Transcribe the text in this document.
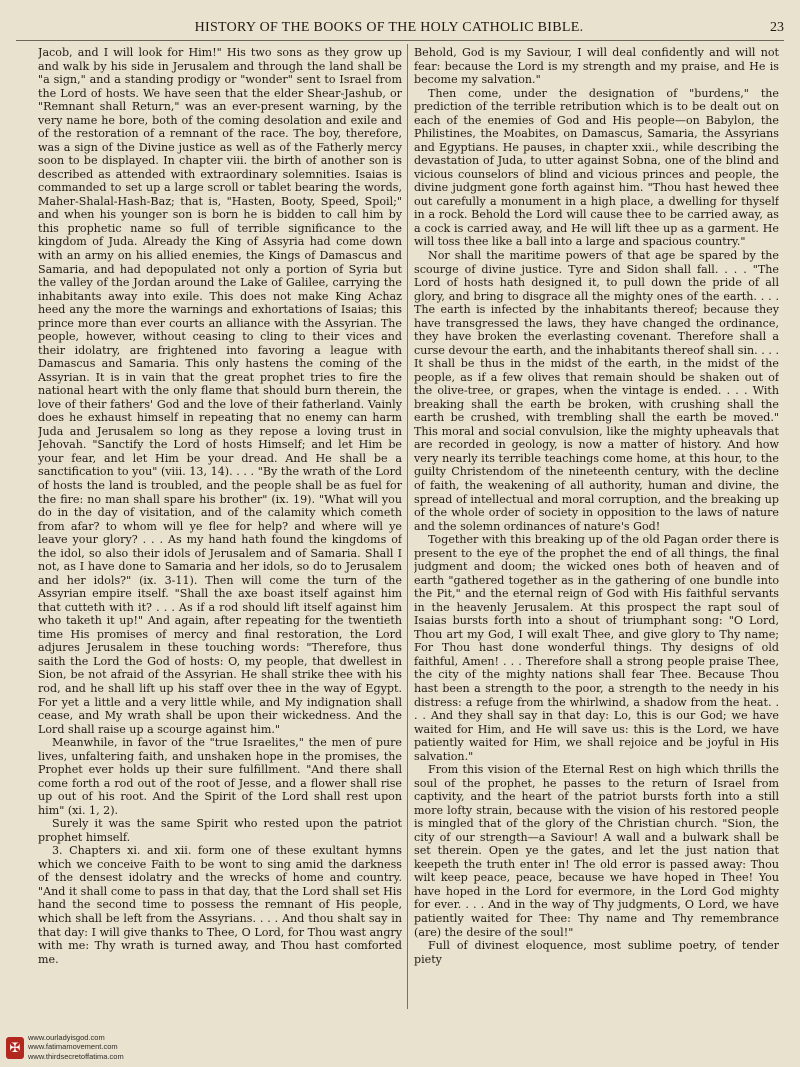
HISTORY OF THE BOOKS OF THE HOLY CATHOLIC BIBLE.	23

Jacob, and I will look for Him!" His two sons as they grow up and walk by his side in Jerusalem and through the land shall be "a sign," and a standing prodigy or "wonder" sent to Israel from the Lord of hosts. We have seen that the elder Shear-Jashub, or "Remnant shall Return," was an ever-present warning, by the very name he bore, both of the coming desolation and exile and of the restoration of a remnant of the race. The boy, therefore, was a sign of the Divine justice as well as of the Fatherly mercy soon to be displayed. In chapter viii. the birth of another son is described as attended with extraordinary solemnities. Isaias is commanded to set up a large scroll or tablet bearing the words, Maher-Shalal-Hash-Baz; that is, "Hasten, Booty, Speed, Spoil;" and when his younger son is born he is bidden to call him by this prophetic name so full of terrible significance to the kingdom of Juda. Already the King of Assyria had come down with an army on his allied enemies, the Kings of Damascus and Samaria, and had depopulated not only a portion of Syria but the valley of the Jordan around the Lake of Galilee, carrying the inhabitants away into exile. This does not make King Achaz heed any the more the warnings and exhortations of Isaias; this prince more than ever courts an alliance with the Assyrian. The people, however, without ceasing to cling to their vices and their idolatry, are frightened into favoring a league with Damascus and Samaria. This only hastens the coming of the Assyrian. It is in vain that the great prophet tries to fire the national heart with the only flame that should burn therein, the love of their fathers' God and the love of their fatherland. Vainly does he exhaust himself in repeating that no enemy can harm Juda and Jerusalem so long as they repose a loving trust in Jehovah. "Sanctify the Lord of hosts Himself; and let Him be your fear, and let Him be your dread. And He shall be a sanctification to you" (viii. 13, 14). . . . "By the wrath of the Lord of hosts the land is troubled, and the people shall be as fuel for the fire: no man shall spare his brother" (ix. 19). "What will you do in the day of visitation, and of the calamity which cometh from afar? to whom will ye flee for help? and where will ye leave your glory? . . . As my hand hath found the kingdoms of the idol, so also their idols of Jerusalem and of Samaria. Shall I not, as I have done to Samaria and her idols, so do to Jerusalem and her idols?" (ix. 3-11). Then will come the turn of the Assyrian empire itself. "Shall the axe boast itself against him that cutteth with it? . . . As if a rod should lift itself against him who taketh it up!" And again, after repeating for the twentieth time His promises of mercy and final restoration, the Lord adjures Jerusalem in these touching words: "Therefore, thus saith the Lord the God of hosts: O, my people, that dwellest in Sion, be not afraid of the Assyrian. He shall strike thee with his rod, and he shall lift up his staff over thee in the way of Egypt. For yet a little and a very little while, and My indignation shall cease, and My wrath shall be upon their wickedness. And the Lord shall raise up a scourge against him."

Meanwhile, in favor of the "true Israelites," the men of pure lives, unfaltering faith, and unshaken hope in the promises, the Prophet ever holds up their sure fulfillment. "And there shall come forth a rod out of the root of Jesse, and a flower shall rise up out of his root. And the Spirit of the Lord shall rest upon him" (xi. 1, 2).

Surely it was the same Spirit who rested upon the patriot prophet himself.

3. Chapters xi. and xii. form one of these exultant hymns which we conceive Faith to be wont to sing amid the darkness of the densest idolatry and the wrecks of home and country. "And it shall come to pass in that day, that the Lord shall set His hand the second time to possess the remnant of His people, which shall be left from the Assyrians. . . . And thou shalt say in that day: I will give thanks to Thee, O Lord, for Thou wast angry with me: Thy wrath is turned away, and Thou hast comforted me.

Behold, God is my Saviour, I will deal confidently and will not fear: because the Lord is my strength and my praise, and He is become my salvation."

Then come, under the designation of "burdens," the prediction of the terrible retribution which is to be dealt out on each of the enemies of God and His people—on Babylon, the Philistines, the Moabites, on Damascus, Samaria, the Assyrians and Egyptians. He pauses, in chapter xxii., while describing the devastation of Juda, to utter against Sobna, one of the blind and vicious counselors of blind and vicious princes and people, the divine judgment gone forth against him. "Thou hast hewed thee out carefully a monument in a high place, a dwelling for thyself in a rock. Behold the Lord will cause thee to be carried away, as a cock is carried away, and He will lift thee up as a garment. He will toss thee like a ball into a large and spacious country."

Nor shall the maritime powers of that age be spared by the scourge of divine justice. Tyre and Sidon shall fall. . . . "The Lord of hosts hath designed it, to pull down the pride of all glory, and bring to disgrace all the mighty ones of the earth. . . . The earth is infected by the inhabitants thereof; because they have transgressed the laws, they have changed the ordinance, they have broken the everlasting covenant. Therefore shall a curse devour the earth, and the inhabitants thereof shall sin. . . . It shall be thus in the midst of the earth, in the midst of the people, as if a few olives that remain should be shaken out of the olive-tree, or grapes, when the vintage is ended. . . . With breaking shall the earth be broken, with crushing shall the earth be crushed, with trembling shall the earth be moved." This moral and social convulsion, like the mighty upheavals that are recorded in geology, is now a matter of history. And how very nearly its terrible teachings come home, at this hour, to the guilty Christendom of the nineteenth century, with the decline of faith, the weakening of all authority, human and divine, the spread of intellectual and moral corruption, and the breaking up of the whole order of society in opposition to the laws of nature and the solemn ordinances of nature's God!

Together with this breaking up of the old Pagan order there is present to the eye of the prophet the end of all things, the final judgment and doom; the wicked ones both of heaven and of earth "gathered together as in the gathering of one bundle into the Pit," and the eternal reign of God with His faithful servants in the heavenly Jerusalem. At this prospect the rapt soul of Isaias bursts forth into a shout of triumphant song: "O Lord, Thou art my God, I will exalt Thee, and give glory to Thy name; For Thou hast done wonderful things. Thy designs of old faithful, Amen! . . . Therefore shall a strong people praise Thee, the city of the mighty nations shall fear Thee. Because Thou hast been a strength to the poor, a strength to the needy in his distress: a refuge from the whirlwind, a shadow from the heat. . . . And they shall say in that day: Lo, this is our God; we have waited for Him, and He will save us: this is the Lord, we have patiently waited for Him, we shall rejoice and be joyful in His salvation."

From this vision of the Eternal Rest on high which thrills the soul of the prophet, he passes to the return of Israel from captivity, and the heart of the patriot bursts forth into a still more lofty strain, because with the vision of his restored people is mingled that of the glory of the Christian church. "Sion, the city of our strength—a Saviour! A wall and a bulwark shall be set therein. Open ye the gates, and let the just nation that keepeth the truth enter in! The old error is passed away: Thou wilt keep peace, peace, because we have hoped in Thee! You have hoped in the Lord for evermore, in the Lord God mighty for ever. . . . And in the way of Thy judgments, O Lord, we have patiently waited for Thee: Thy name and Thy remembrance (are) the desire of the soul!"

Full of divinest eloquence, most sublime poetry, of tender piety

✠
www.ourladyisgod.com
www.fatimamovement.com
www.thirdsecretoffatima.com
